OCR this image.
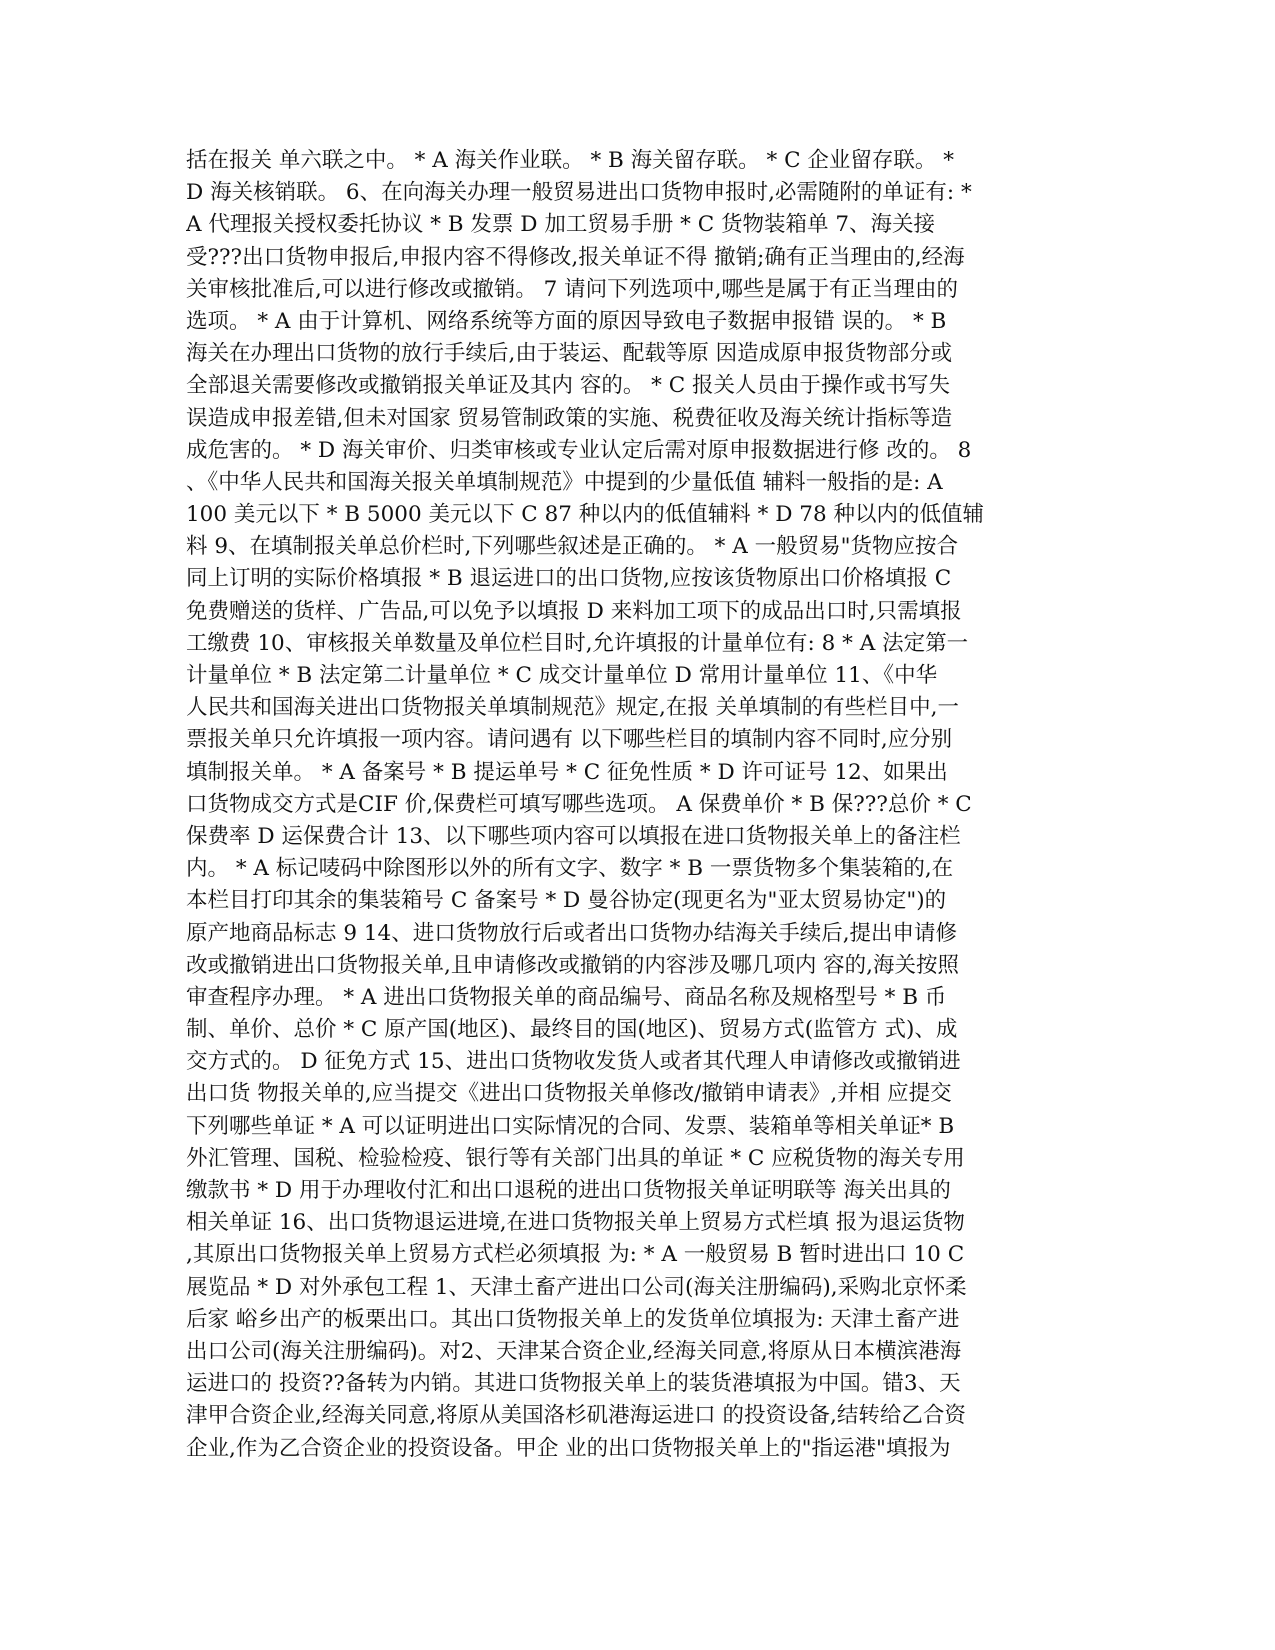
括在报关 单六联之中。 * A 海关作业联。 * B 海关留存联。 * C 企业留存联。 *
D 海关核销联。 6、在向海关办理一般贸易进出口货物申报时,必需随附的单证有: *
A 代理报关授权委托协议 * B 发票 D 加工贸易手册 * C 货物装箱单 7、海关接
受???出口货物申报后,申报内容不得修改,报关单证不得 撤销;确有正当理由的,经海
关审核批准后,可以进行修改或撤销。 7 请问下列选项中,哪些是属于有正当理由的
选项。 * A 由于计算机、网络系统等方面的原因导致电子数据申报错 误的。 * B
海关在办理出口货物的放行手续后,由于装运、配载等原 因造成原申报货物部分或
全部退关需要修改或撤销报关单证及其内 容的。 * C 报关人员由于操作或书写失
误造成申报差错,但未对国家 贸易管制政策的实施、税费征收及海关统计指标等造
成危害的。 * D 海关审价、归类审核或专业认定后需对原申报数据进行修 改的。 8
、《中华人民共和国海关报关单填制规范》中提到的少量低值 辅料一般指的是: A
100 美元以下 * B 5000 美元以下 C 87 种以内的低值辅料 * D 78 种以内的低值辅
料 9、在填制报关单总价栏时,下列哪些叙述是正确的。 * A 一般贸易"货物应按合
同上订明的实际价格填报 * B 退运进口的出口货物,应按该货物原出口价格填报 C
免费赠送的货样、广告品,可以免予以填报 D 来料加工项下的成品出口时,只需填报
工缴费 10、审核报关单数量及单位栏目时,允许填报的计量单位有: 8 * A 法定第一
计量单位 * B 法定第二计量单位 * C 成交计量单位 D 常用计量单位 11、《中华
人民共和国海关进出口货物报关单填制规范》规定,在报 关单填制的有些栏目中,一
票报关单只允许填报一项内容。请问遇有 以下哪些栏目的填制内容不同时,应分别
填制报关单。 * A 备案号 * B 提运单号 * C 征免性质 * D 许可证号 12、如果出
口货物成交方式是CIF 价,保费栏可填写哪些选项。 A 保费单价 * B 保???总价 * C
保费率 D 运保费合计 13、以下哪些项内容可以填报在进口货物报关单上的备注栏
内。 * A 标记唛码中除图形以外的所有文字、数字 * B 一票货物多个集装箱的,在
本栏目打印其余的集装箱号 C 备案号 * D 曼谷协定(现更名为"亚太贸易协定")的
原产地商品标志 9 14、进口货物放行后或者出口货物办结海关手续后,提出申请修
改或撤销进出口货物报关单,且申请修改或撤销的内容涉及哪几项内 容的,海关按照
审查程序办理。 * A 进出口货物报关单的商品编号、商品名称及规格型号 * B 币
制、单价、总价 * C 原产国(地区)、最终目的国(地区)、贸易方式(监管方 式)、成
交方式的。 D 征免方式 15、进出口货物收发货人或者其代理人申请修改或撤销进
出口货 物报关单的,应当提交《进出口货物报关单修改/撤销申请表》,并相 应提交
下列哪些单证 * A 可以证明进出口实际情况的合同、发票、装箱单等相关单证* B
外汇管理、国税、检验检疫、银行等有关部门出具的单证 * C 应税货物的海关专用
缴款书 * D 用于办理收付汇和出口退税的进出口货物报关单证明联等 海关出具的
相关单证 16、出口货物退运进境,在进口货物报关单上贸易方式栏填 报为退运货物
,其原出口货物报关单上贸易方式栏必须填报 为: * A 一般贸易 B 暂时进出口 10 C
展览品 * D 对外承包工程 1、天津土畜产进出口公司(海关注册编码),采购北京怀柔
后家 峪乡出产的板栗出口。其出口货物报关单上的发货单位填报为: 天津土畜产进
出口公司(海关注册编码)。对2、天津某合资企业,经海关同意,将原从日本横滨港海
运进口的 投资??备转为内销。其进口货物报关单上的装货港填报为中国。错3、天
津甲合资企业,经海关同意,将原从美国洛杉矶港海运进口 的投资设备,结转给乙合资
企业,作为乙合资企业的投资设备。甲企 业的出口货物报关单上的"指运港"填报为
